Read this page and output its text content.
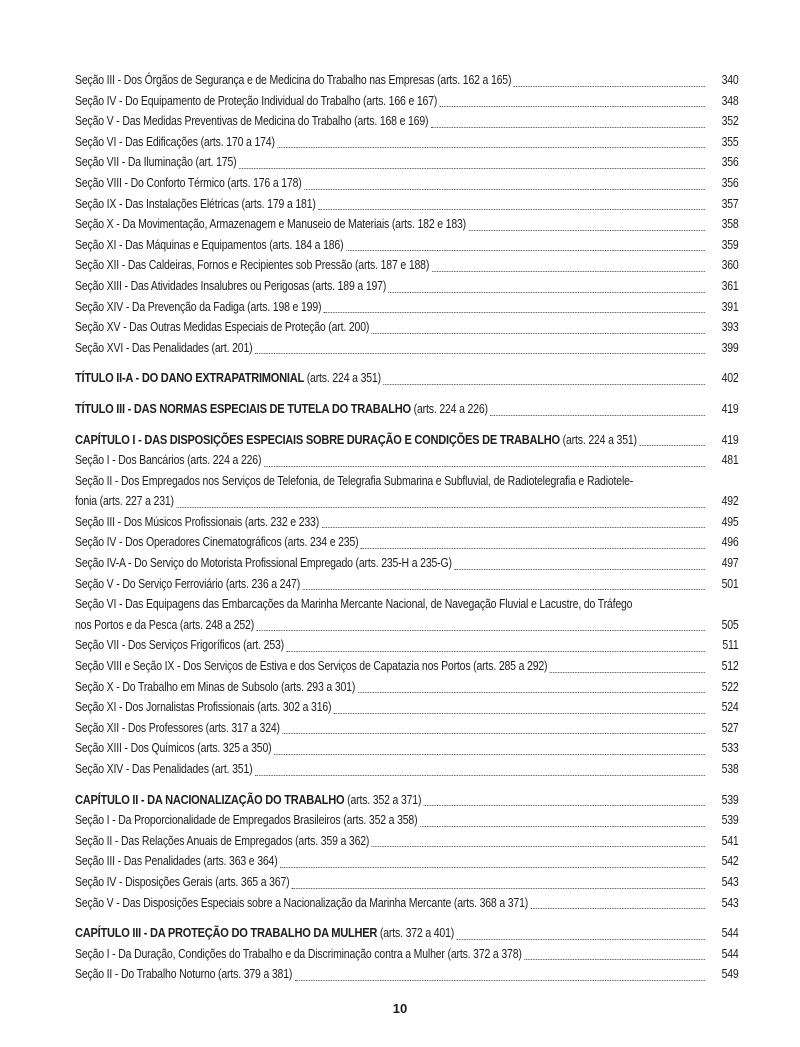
Seção III - Dos Órgãos de Segurança e de Medicina do Trabalho nas Empresas (arts. 162 a 165)	340
Seção IV - Do Equipamento de Proteção Individual do Trabalho (arts. 166 e 167)	348
Seção V - Das Medidas Preventivas de Medicina do Trabalho (arts. 168 e 169)	352
Seção VI - Das Edificações (arts. 170 a 174)	355
Seção VII - Da Iluminação (art. 175)	356
Seção VIII - Do Conforto Térmico (arts. 176 a 178)	356
Seção IX - Das Instalações Elétricas (arts. 179 a 181)	357
Seção X - Da Movimentação, Armazenagem e Manuseio de Materiais (arts. 182 e 183)	358
Seção XI - Das Máquinas e Equipamentos (arts. 184 a 186)	359
Seção XII - Das Caldeiras, Fornos e Recipientes sob Pressão (arts. 187 e 188)	360
Seção XIII - Das Atividades Insalubres ou Perigosas (arts. 189 a 197)	361
Seção XIV - Da Prevenção da Fadiga (arts. 198 e 199)	391
Seção XV - Das Outras Medidas Especiais de Proteção (art. 200)	393
Seção XVI - Das Penalidades (art. 201)	399
TÍTULO II-A - DO DANO EXTRAPATRIMONIAL (arts. 224 a 351)	402
TÍTULO III - DAS NORMAS ESPECIAIS DE TUTELA DO TRABALHO (arts. 224 a 226)	419
CAPÍTULO I - DAS DISPOSIÇÕES ESPECIAIS SOBRE DURAÇÃO E CONDIÇÕES DE TRABALHO (arts. 224 a 351)	419
Seção I - Dos Bancários (arts. 224 a 226)	481
Seção II - Dos Empregados nos Serviços de Telefonia, de Telegrafia Submarina e Subfluvial, de Radiotelegrafia e Radiotele-
fonia (arts. 227 a 231)	492
Seção III - Dos Músicos Profissionais (arts. 232 e 233)	495
Seção IV - Dos Operadores Cinematográficos (arts. 234 e 235)	496
Seção IV-A - Do Serviço do Motorista Profissional Empregado (arts. 235-H a 235-G)	497
Seção V - Do Serviço Ferroviário (arts. 236 a 247)	501
Seção VI - Das Equipagens das Embarcações da Marinha Mercante Nacional, de Navegação Fluvial e Lacustre, do Tráfego
nos Portos e da Pesca (arts. 248 a 252)	505
Seção VII - Dos Serviços Frigoríficos (art. 253)	511
Seção VIII e Seção IX - Dos Serviços de Estiva e dos Serviços de Capatazia nos Portos (arts. 285 a 292)	512
Seção X - Do Trabalho em Minas de Subsolo (arts. 293 a 301)	522
Seção XI - Dos Jornalistas Profissionais (arts. 302 a 316)	524
Seção XII - Dos Professores (arts. 317 a 324)	527
Seção XIII - Dos Químicos (arts. 325 a 350)	533
Seção XIV - Das Penalidades (art. 351)	538
CAPÍTULO II - DA NACIONALIZAÇÃO DO TRABALHO (arts. 352 a 371)	539
Seção I - Da Proporcionalidade de Empregados Brasileiros (arts. 352 a 358)	539
Seção II - Das Relações Anuais de Empregados (arts. 359 a 362)	541
Seção III - Das Penalidades (arts. 363 e 364)	542
Seção IV - Disposições Gerais (arts. 365 a 367)	543
Seção V - Das Disposições Especiais sobre a Nacionalização da Marinha Mercante (arts. 368 a 371)	543
CAPÍTULO III - DA PROTEÇÃO DO TRABALHO DA MULHER (arts. 372 a 401)	544
Seção I - Da Duração, Condições do Trabalho e da Discriminação contra a Mulher (arts. 372 a 378)	544
Seção II - Do Trabalho Noturno (arts. 379 a 381)	549
10
